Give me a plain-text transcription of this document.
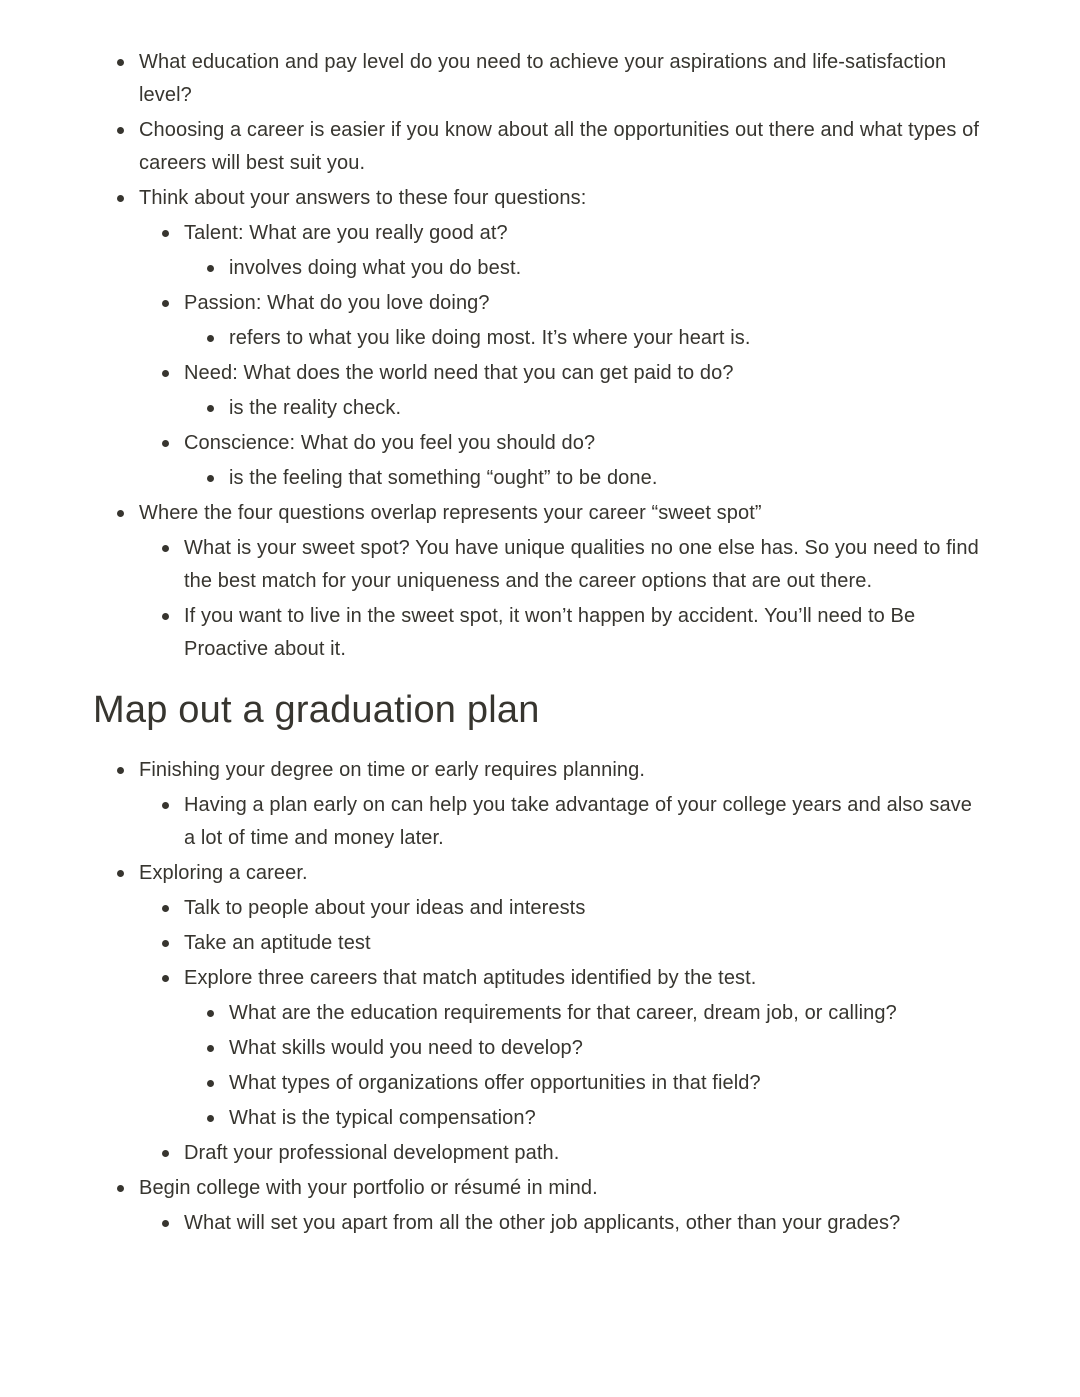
What education and pay level do you need to achieve your aspirations and life-satisfaction level?
Choosing a career is easier if you know about all the opportunities out there and what types of careers will best suit you.
Think about your answers to these four questions:
Talent: What are you really good at?
involves doing what you do best.
Passion: What do you love doing?
refers to what you like doing most. It’s where your heart is.
Need: What does the world need that you can get paid to do?
is the reality check.
Conscience: What do you feel you should do?
is the feeling that something “ought” to be done.
Where the four questions overlap represents your career “sweet spot”
What is your sweet spot? You have unique qualities no one else has. So you need to find the best match for your uniqueness and the career options that are out there.
If you want to live in the sweet spot, it won’t happen by accident. You’ll need to Be Proactive about it.
Map out a graduation plan
Finishing your degree on time or early requires planning.
Having a plan early on can help you take advantage of your college years and also save a lot of time and money later.
Exploring a career.
Talk to people about your ideas and interests
Take an aptitude test
Explore three careers that match aptitudes identified by the test.
What are the education requirements for that career, dream job, or calling?
What skills would you need to develop?
What types of organizations offer opportunities in that field?
What is the typical compensation?
Draft your professional development path.
Begin college with your portfolio or résumé in mind.
What will set you apart from all the other job applicants, other than your grades?
